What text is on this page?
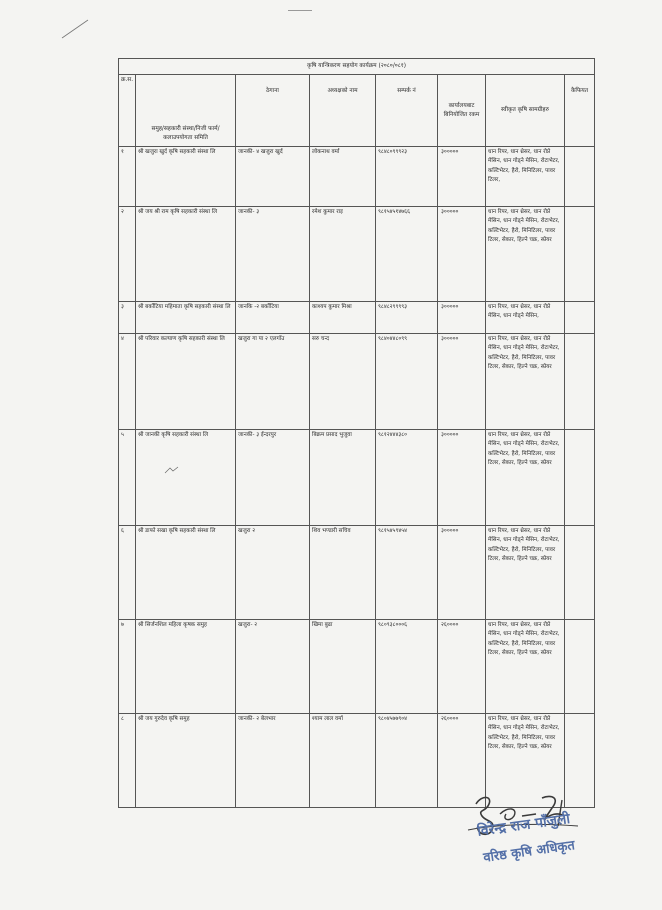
कृषि यान्त्रिकरण सहयोग कार्यक्रम (२०८०/०८१)							
क्र.स.	समुह/सहकारी संस्था/निजी फार्म/कलाउपयोगता समिति	ठेगाना	अध्यक्षको नाम	सम्पर्क नं	कार्यालयबाट बिनियोजित रकम	स्वीकृत कृषि सामग्रीहरु	कैफियत
१	श्री खजुरा खुर्द कृषि सहकारी संस्था लि	जानकी- ४ खजुरा खुर्द	लोकनाथ वर्मा	९८४८०९९९२३	३०००००	धान रिपर, धान थ्रेसर, धान रोप्ने मेसिन, धान गोड्ने मेसिन, रोटाभेटर, कल्टिभेटर, हैरो, मिनिटिलर, पावर टिलर,	
२	श्री जय श्री राम कृषि सहकारी संस्था लि	जानकी- ३	रमेश कुमार राइ	९८१५४५१४७६६	३०००००	धान रिपर, धान थ्रेसर, धान रोप्ने मेसिन, धान गोड्ने मेसिन, रोटाभेटर, कल्टिभेटर, हैरो, मिनिटिलर, पावर टिलर, सेकार, हिल्ने चक्र, स्प्रेयर	
३	श्री बर्कोटिया महिमाता कृषि सहकारी संस्था लि	जानकि -२ बर्कोटिया	काश्यप कुमार मिश्रा	९८४८२९९९९३	३०००००	धान रिपर, धान थ्रेसर, धान रोप्ने मेसिन, धान गोड्ने मेसिन,	
४	श्री परिवार कल्याण कृषि सहकारी संस्था लि	खजुरा गा पा २ एलगाँउ	सरु चन्द	९८४०४४८०९९	३०००००	धान रिपर, धान थ्रेसर, धान रोप्ने मेसिन, धान गोड्ने मेसिन, रोटाभेटर, कल्टिभेटर, हैरो, मिनिटिलर, पावर टिलर, सेकार, हिल्ने चक्र, स्प्रेयर	
५	श्री जानकी कृषि सहकारी संस्था लि	जानकी- ३ ईन्दरपुर	बिक्रम प्रसाद भुजुवा	९८१२४४४३८०	३०००००	धान रिपर, धान थ्रेसर, धान रोप्ने मेसिन, धान गोड्ने मेसिन, रोटाभेटर, कल्टिभेटर, हैरो, मिनिटिलर, पावर टिलर, सेकार, हिल्ने चक्र, स्प्रेयर	
६	श्री डाफो सखा कृषि सहकारी संस्था लि	खजुरा २	शिव भण्डारी सचिव	९८१५४५९४५४	३०००००	धान रिपर, धान थ्रेसर, धान रोप्ने मेसिन, धान गोड्ने मेसिन, रोटाभेटर, कल्टिभेटर, हैरो, मिनिटिलर, पावर टिलर, सेकार, हिल्ने चक्र, स्प्रेयर	
७	श्री सिर्जनशिल महिला कृषक समुह	खजुरा- २	खिमा बुढा	९८०९३८०००६	२६००००	धान रिपर, धान थ्रेसर, धान रोप्ने मेसिन, धान गोड्ने मेसिन, रोटाभेटर, कल्टिभेटर, हैरो, मिनिटिलर, पावर टिलर, सेकार, हिल्ने चक्र, स्प्रेयर	
८	श्री जय गुरुदेव कृषि समुह	जानकी- २ बेलभार	श्याम लाल वर्मा	९८०४५७७९०४	२६००००	धान रिपर, धान थ्रेसर, धान रोप्ने मेसिन, धान गोड्ने मेसिन, रोटाभेटर, कल्टिभेटर, हैरो, मिनिटिलर, पावर टिलर, सेकार, हिल्ने चक्र, स्प्रेयर	
विरेन्द्र राज पाँजुली
वरिष्ठ कृषि अधिकृत
